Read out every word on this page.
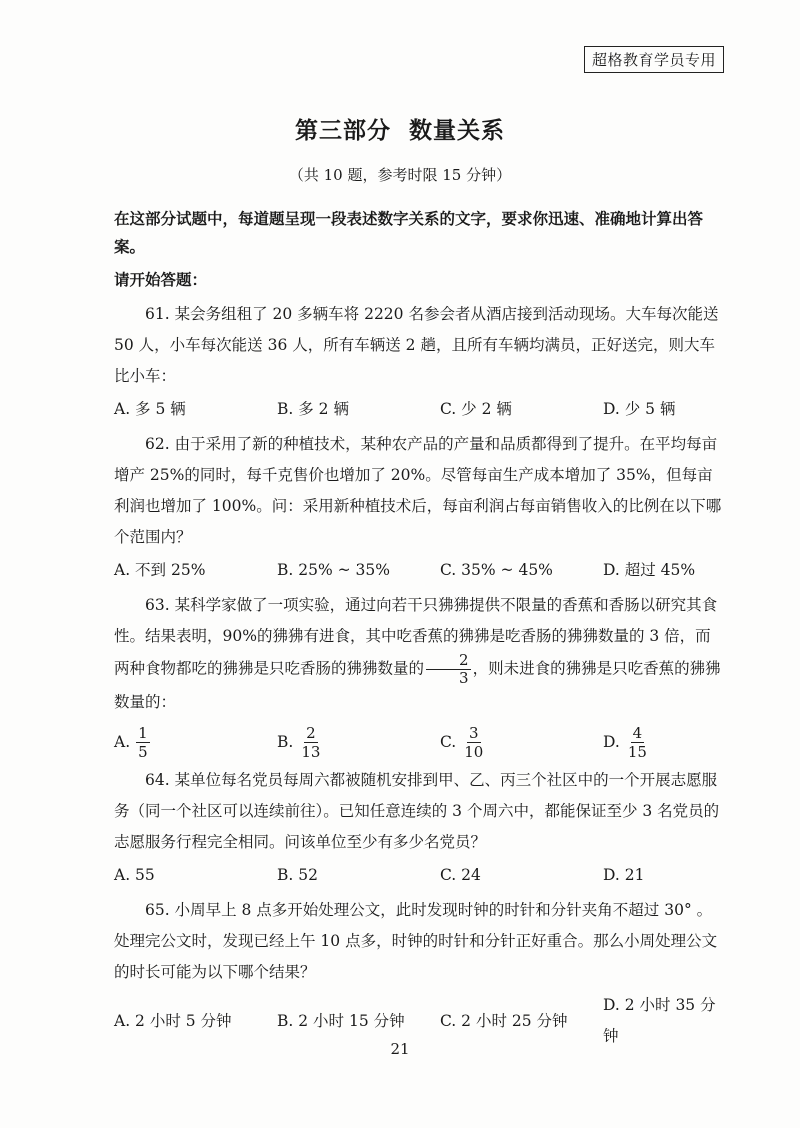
超格教育学员专用
第三部分  数量关系
（共 10 题，参考时限 15 分钟）

在这部分试题中，每道题呈现一段表述数字关系的文字，要求你迅速、准确地计算出答案。

请开始答题：

61. 某会务组租了 20 多辆车将 2220 名参会者从酒店接到活动现场。大车每次能送 50 人，小车每次能送 36 人，所有车辆送 2 趟，且所有车辆均满员，正好送完，则大车比小车：

A. 多 5 辆	B. 多 2 辆	C. 少 2 辆	D. 少 5 辆

62. 由于采用了新的种植技术，某种农产品的产量和品质都得到了提升。在平均每亩增产 25%的同时，每千克售价也增加了 20%。尽管每亩生产成本增加了 35%，但每亩利润也增加了 100%。问：采用新种植技术后，每亩利润占每亩销售收入的比例在以下哪个范围内？

A. 不到 25%	B. 25% ~ 35%	C. 35% ~ 45%	D. 超过 45%

63. 某科学家做了一项实验，通过向若干只狒狒提供不限量的香蕉和香肠以研究其食性。结果表明，90%的狒狒有进食，其中吃香蕉的狒狒是吃香肠的狒狒数量的 3 倍，而两种食物都吃的狒狒是只吃香肠的狒狒数量的 $\frac{2}{3}$ ，则未进食的狒狒是只吃香蕉的狒狒数量的：

A. $\frac{1}{5}$	B. $\frac{2}{13}$	C. $\frac{3}{10}$	D. $\frac{4}{15}$

64. 某单位每名党员每周六都被随机安排到甲、乙、丙三个社区中的一个开展志愿服务（同一个社区可以连续前往）。已知任意连续的 3 个周六中，都能保证至少 3 名党员的志愿服务行程完全相同。问该单位至少有多少名党员？

A. 55	B. 52	C. 24	D. 21

65. 小周早上 8 点多开始处理公文，此时发现时钟的时针和分针夹角不超过 30° 。处理完公文时，发现已经上午 10 点多，时钟的时针和分针正好重合。那么小周处理公文的时长可能为以下哪个结果？

A. 2 小时 5 分钟	B. 2 小时 15 分钟	C. 2 小时 25 分钟
D. 2 小时 35 分钟
21
